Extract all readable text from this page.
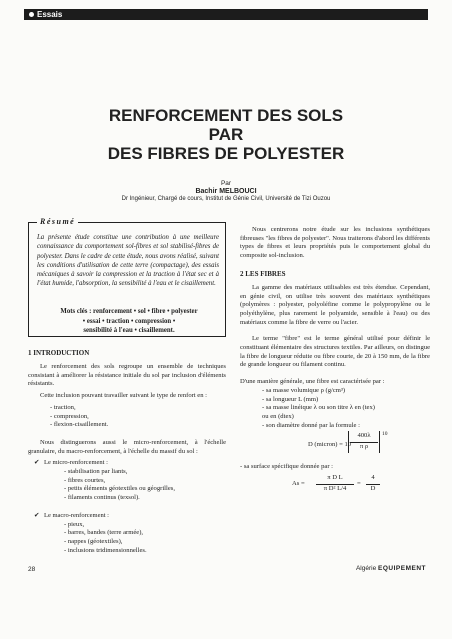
Essais
RENFORCEMENT DES SOLS
PAR
DES FIBRES DE POLYESTER
Par
Bachir MELBOUCI
Dr Ingénieur, Chargé de cours, Institut de Génie Civil, Université de Tizi Ouzou
Résumé

La présente étude constitue une contribution à une meilleure connaissance du comportement sol-fibres et sol stabilisé-fibres de polyester. Dans le cadre de cette étude, nous avons réalisé, suivant les conditions d'utilisation de cette terre (compactage), des essais mécaniques à savoir la compression et la traction à l'état sec et à l'état humide, l'absorption, la sensibilité à l'eau et le cisaillement.

Mots clés : renforcement • sol • fibre • polyester
• essai • traction • compression •
sensibilité à l'eau • cisaillement.
1 INTRODUCTION

Le renforcement des sols regroupe un ensemble de techniques consistant à améliorer la résistance initiale du sol par inclusion d'éléments résistants.

Cette inclusion pouvant travailler suivant le type de renfort en :

- traction,
- compression,
- flexion-cisaillement.

Nous distinguerons aussi le micro-renforcement, à l'échelle granulaire, du macro-renforcement, à l'échelle du massif du sol :

✔ Le micro-renforcement :
- stabilisation par liants,
- fibres courtes,
- petits éléments géotextiles ou géogrilles,
- filaments continus (texsol).
✔ Le macro-renforcement :
- pieux,
- barres, bandes (terre armée),
- nappes (géotextiles),
- inclusions tridimensionnelles.

Nous centrerons notre étude sur les inclusions synthétiques fibreuses "les fibres de polyester". Nous traiterons d'abord les différents types de fibres et leurs propriétés puis le comportement global du composite sol-inclusion.

2 LES FIBRES

La gamme des matériaux utilisables est très étendue. Cependant, en génie civil, on utilise très souvent des matériaux synthétiques (polymères : polyester, polyoléfine comme le polypropylène ou le polyéthylène, plus rarement le polyamide, sensible à l'eau) ou des matériaux comme la fibre de verre ou l'acier.

Le terme "fibre" est le terme général utilisé pour définir le constituant élémentaire des structures textiles. Par ailleurs, on distingue la fibre de longueur réduite ou fibre courte, de 20 à 150 mm, de la fibre de grande longueur ou filament continu.

D'une manière générale, une fibre est caractérisée par :

- sa masse volumique ρ (g/cm³)
- sa longueur L (mm)
- sa masse linéique λ ou son titre λ en (tex)
ou en (dtex)
- son diamètre donné par la formule :
D (micron) = 10
$\frac{400\lambda}{\text{π ρ}} 10$

- sa surface spécifique donnée par :

$As = \frac{\text{π D L}}{\text{π D² L/4}} = \frac{4}{D}$
28	Algérie EQUIPEMENT
